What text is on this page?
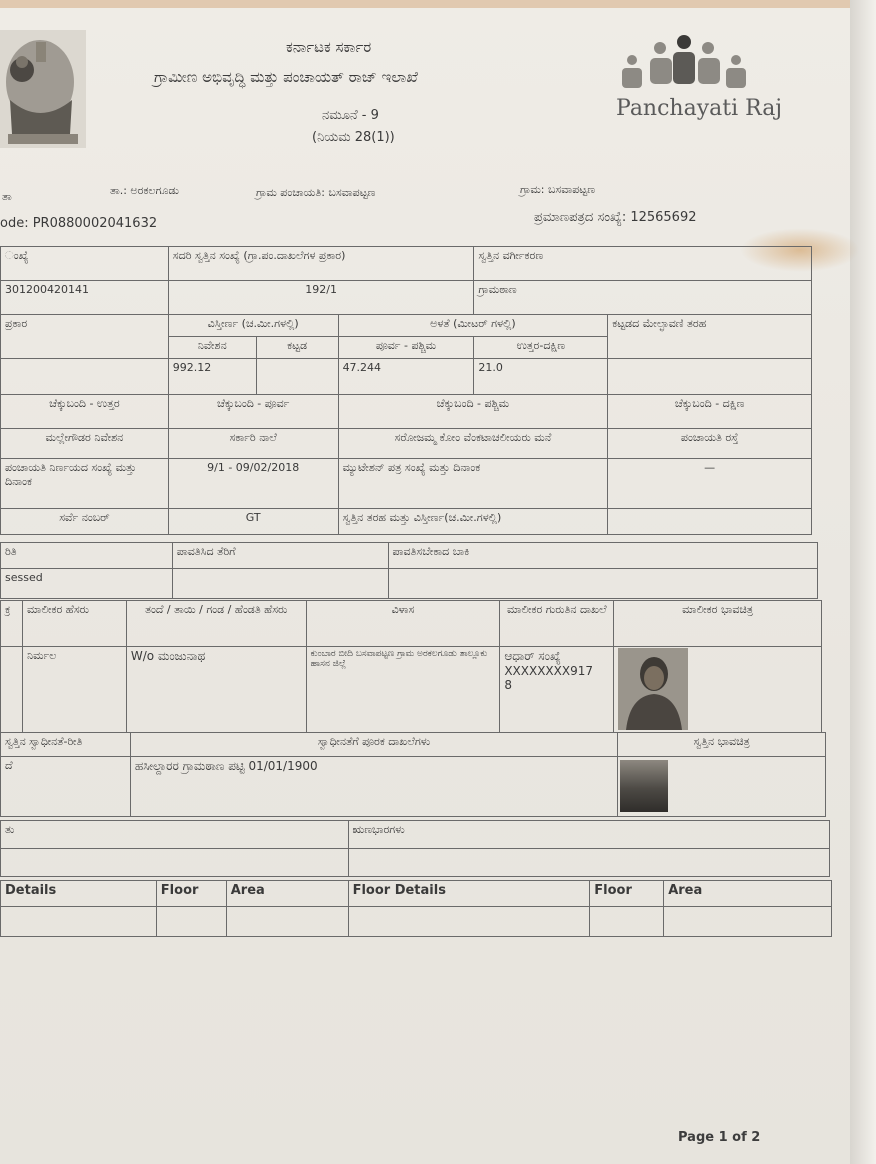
ಕರ್ನಾಟಕ ಸರ್ಕಾರ
ಗ್ರಾಮೀಣ ಅಭಿವೃದ್ಧಿ ಮತ್ತು ಪಂಚಾಯತ್ ರಾಜ್ ಇಲಾಖೆ
ನಮೂನೆ - 9
(ನಿಯಮ 28(1))
Panchayati Raj
ತಾ	ತಾ.: ಅರಕಲಗೂಡು	ಗ್ರಾಮ ಪಂಚಾಯತಿ: ಬಸವಾಪಟ್ಟಣ	ಗ್ರಾಮ: ಬಸವಾಪಟ್ಟಣ
ode: PR0880002041632	ಪ್ರಮಾಣಪತ್ರದ ಸಂಖ್ಯೆ: 12565692
ಂಖ್ಯೆ	ಸದರಿ ಸ್ವತ್ತಿನ ಸಂಖ್ಯೆ (ಗ್ರಾ.ಪಂ.ದಾಖಲೆಗಳ ಪ್ರಕಾರ)			ಸ್ವತ್ತಿನ ವರ್ಗೀಕರಣ	
30120042014​1	192/1			ಗ್ರಾಮಠಾಣ	
ಪ್ರಕಾರ	ವಿಸ್ತೀರ್ಣ (ಚ.ಮೀ.ಗಳಲ್ಲಿ)		ಅಳತೆ (ಮೀಟರ್ ಗಳಲ್ಲಿ)		ಕಟ್ಟಡದ ಮೇಲ್ಛಾವಣಿ ತರಹ
	ನಿವೇಶನ	ಕಟ್ಟಡ	ಪೂರ್ವ - ಪಶ್ಚಿಮ	ಉತ್ತರ-ದಕ್ಷಿಣ	
	992.12		47.244	21.0	
ಚೆಕ್ಕುಬಂದಿ - ಉತ್ತರ	ಚೆಕ್ಕುಬಂದಿ - ಪೂರ್ವ		ಚೆಕ್ಕುಬಂದಿ - ಪಶ್ಚಿಮ		ಚೆಕ್ಕುಬಂದಿ - ದಕ್ಷಿಣ
ಮಲ್ಲೇಗೌಡರ ನಿವೇಶನ	ಸರ್ಕಾರಿ ನಾಲೆ		ಸರೋಜಮ್ಮ ಕೋಂ ವೆಂಕಟಾಚಲೀಯರು ಮನೆ		ಪಂಚಾಯತಿ ರಸ್ತೆ
ಪಂಚಾಯತಿ ನಿರ್ಣಯದ ಸಂಖ್ಯೆ ಮತ್ತು ದಿನಾಂಕ	9/1 - 09/02/2018		ಮ್ಯುಟೇಶನ್ ಪತ್ರ ಸಂಖ್ಯೆ ಮತ್ತು ದಿನಾಂಕ		—
ಸರ್ವೆ ನಂಬರ್	GT		ಸ್ವತ್ತಿನ ತರಹ ಮತ್ತು ವಿಸ್ತೀರ್ಣ(ಚ.ಮೀ.ಗಳಲ್ಲಿ)		
ರಿತಿ	ಪಾವತಿಸಿದ ತೆರಿಗೆ	ಪಾವತಿಸಬೇಕಾದ ಬಾಕಿ
sessed		
ಕ್ರ	ಮಾಲೀಕರ ಹೆಸರು	ತಂದೆ / ತಾಯಿ / ಗಂಡ / ಹೆಂಡತಿ ಹೆಸರು	ವಿಳಾಸ	ಮಾಲೀಕರ ಗುರುತಿನ ದಾಖಲೆ	ಮಾಲೀಕರ ಭಾವಚಿತ್ರ
	ನಿರ್ಮಲ	W/o ಮಂಜುನಾಥ	ಕುಂಬಾರ ಬೀದಿ ಬಸವಾಪಟ್ಟಣ ಗ್ರಾಮ ಅರಕಲಗೂಡು ತಾಲ್ಲೂಕು ಹಾಸನ ಜಿಲ್ಲೆ	ಆಧಾರ್ ಸಂಖ್ಯೆ
XXXXXXXX917
8	

ಸ್ವತ್ತಿನ ಸ್ವಾಧೀನತೆ-ರೀತಿ	ಸ್ವಾಧೀನತೆಗೆ ಪೂರಕ ದಾಖಲೆಗಳು	ಸ್ವತ್ತಿನ ಭಾವಚಿತ್ರ
ದೆ	ಹಸೀಲ್ದಾರರ ಗ್ರಾಮಠಾಣ ಪಟ್ಟಿ 01/01/1900	
ತು	ಋಣಭಾರಗಳು

Details	Floor	Area	Floor Details	Floor	Area

Page 1 of 2
